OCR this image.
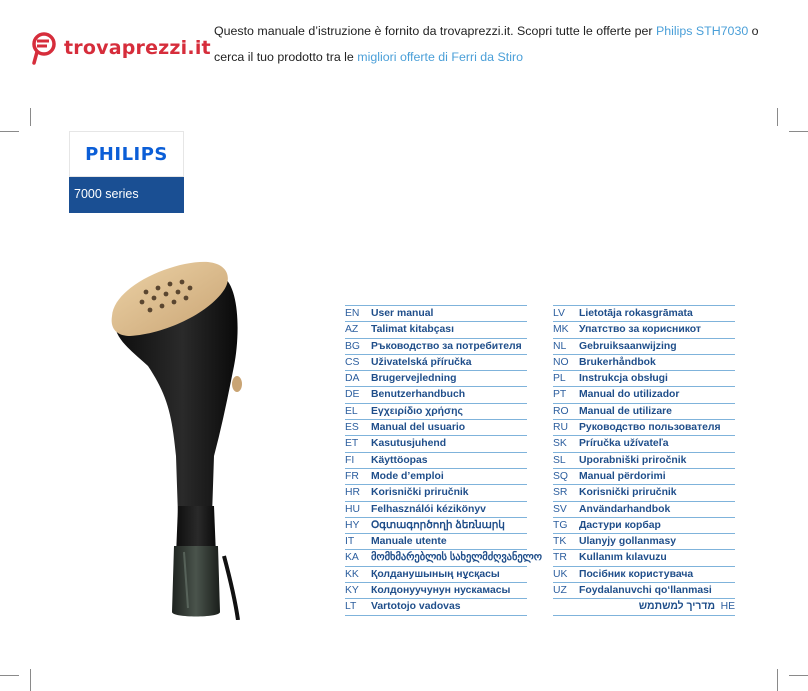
trovaprezzi.it
Questo manuale d’istruzione è fornito da trovaprezzi.it. Scopri tutte le offerte per Philips STH7030 o cerca il tuo prodotto tra le migliori offerte di Ferri da Stiro
PHILIPS
7000 series
EN User manual
AZ Talimat kitabçası
BG Ръководство за потребителя
CS Uživatelská příručka
DA Brugervejledning
DE Benutzerhandbuch
EL Εγχειρίδιο χρήσης
ES Manual del usuario
ET Kasutusjuhend
FI Käyttöopas
FR Mode d’emploi
HR Korisnički priručnik
HU Felhasználói kézikönyv
HY Օգտագործողի ձեռնարկ
IT Manuale utente
KA მომხმარებლის სახელმძღვანელო
KK Қолданушының нұсқасы
KY Колдонуучунун нускамасы
LT Vartotojo vadovas
LV Lietotāja rokasgrāmata
MK Упатство за корисникот
NL Gebruiksaanwijzing
NO Brukerhåndbok
PL Instrukcja obsługi
PT Manual do utilizador
RO Manual de utilizare
RU Руководство пользователя
SK Príručka užívateľa
SL Uporabniški priročnik
SQ Manual përdorimi
SR Korisnički priručnik
SV Användarhandbok
TG Дастури корбар
TK Ulanyjy gollanmasy
TR Kullanım kılavuzu
UK Посібник користувача
UZ Foydalanuvchi qo‘llanmasi
HE
מדריך למשתמש
